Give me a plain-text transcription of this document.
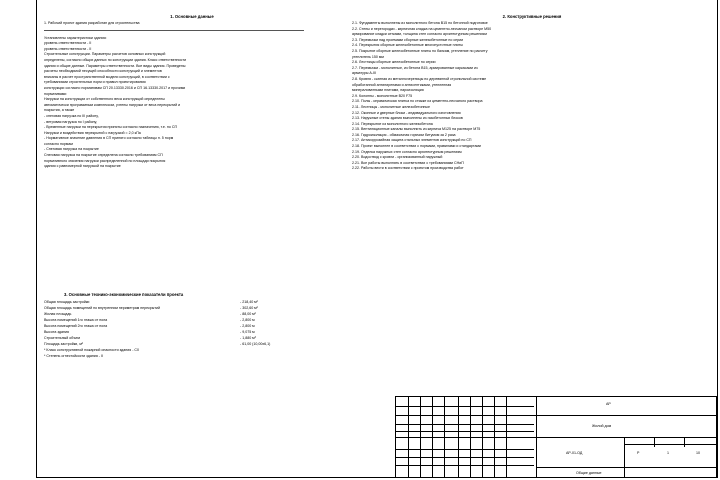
1. Основные данные

1. Рабочий проект здания разработан для строительства

Установлены характеристики здания:

уровень ответственности - II

уровень ответственности - II

Строительные конструкции. Параметры расчетов основных конструкций

определены, согласно общих данных по конструкции здания. Класс ответственности

здания и общие данные. Параметры ответственности. Все виды здания. Проведены

расчеты необходимой несущей способности конструкций и элементов

вписаны в расчет пространственной модели конструкций, в соответствии с

требованиями строительных норм и правил проектирования

конструкции согласно нормативам СП 20.13330.2016 и СП 16.13330.2017 и прочими

нормативами

Нагрузки на конструкции от собственного веса конструкций определены

автоматически программным комплексом, учтены нагрузки от веса перекрытий и

покрытия, а также

- снеговая нагрузка по III району,

- ветровая нагрузка по I району,

- Временные нагрузки на перекрытия приняты согласно назначению, т.е. по СП

Нагрузки и воздействия перекрытий с нагрузкой = 2,0 кПа

- Нормативное значение давления в СП принято согласно таблицы п. 5 норм

согласно нормам

- Снеговая нагрузка на покрытие

Снеговая нагрузка на покрытие определена согласно требованиям СП

нормативного значения нагрузки распределенной по площади покрытия

здания с равномерной нагрузкой на покрытие

2. Конструктивные решения

2.1. Фундаменты выполнены из монолитного бетона В15 по бетонной подготовке

2.2. Стены и перегородки - кирпичная кладка на цементно-песчаном растворе М50

армирование кладки сетками, толщина стен согласно архитектурным решениям

2.3. Перемычки над проемами сборные железобетонные по серии

2.4. Перекрытия сборные железобетонные многопустотные плиты

2.5. Покрытие сборные железобетонные плиты по балкам, утепление по расчету

утеплитель 150 мм

2.6. Лестницы сборные железобетонные по серии

2.7. Перемычки - монолитные, из бетона В15, армированные каркасами из

арматуры А-III

2.8. Кровля - скатная из металлочерепицы по деревянной стропильной системе

обработанной антипиренами и антисептиками, утепленная

минераловатными плитами, пароизоляция

2.9. Колонны - монолитные В20 F75

2.10. Полы - керамическая плитка по стяжке из цементно-песчаного раствора

2.11. Лестницы - монолитные железобетонные

2.12. Оконные и дверные блоки - индивидуального изготовления

2.13. Наружные стены здания выполнены из газобетонных блоков

2.14. Перекрытие из монолитного железобетона

2.15. Вентиляционные каналы выполнить из кирпича М125 на растворе М75

2.16. Гидроизоляция - обмазочная горячим битумом за 2 раза

2.17. Антикоррозийная защита стальных элементов конструкций по СП

2.18. Проект выполнен в соответствии с нормами, правилами и стандартами

2.19. Отделка наружных стен согласно архитектурным решениям

2.20. Водоотвод с кровли - организованный наружный

2.21. Все работы выполнять в соответствии с требованиями СНиП

2.22. Работы вести в соответствии с проектом производства работ

3. Основные технико-экономические показатели проекта
Общая площадь застройки	- 218,40 м²
Общая площадь помещений по внутренним периметрам перекрытий	- 302,60 м²
Жилая площадь	- 88,00 м²
Высота помещений 1го этажа от пола	- 2,800 м
Высота помещений 2го этажа от пола	- 2,800 м
Высота здания	- 9,075 м
Строительный объем	- 1,880 м³
Площадь застройки, м²	- 61,00 (10,00x6,1)
* Класс конструктивной пожарной опасности здания - С0
* Степень огнестойкости здания - II
АР
Жилой дом
АР-01-ОД	Р	1	10
Общие данные
